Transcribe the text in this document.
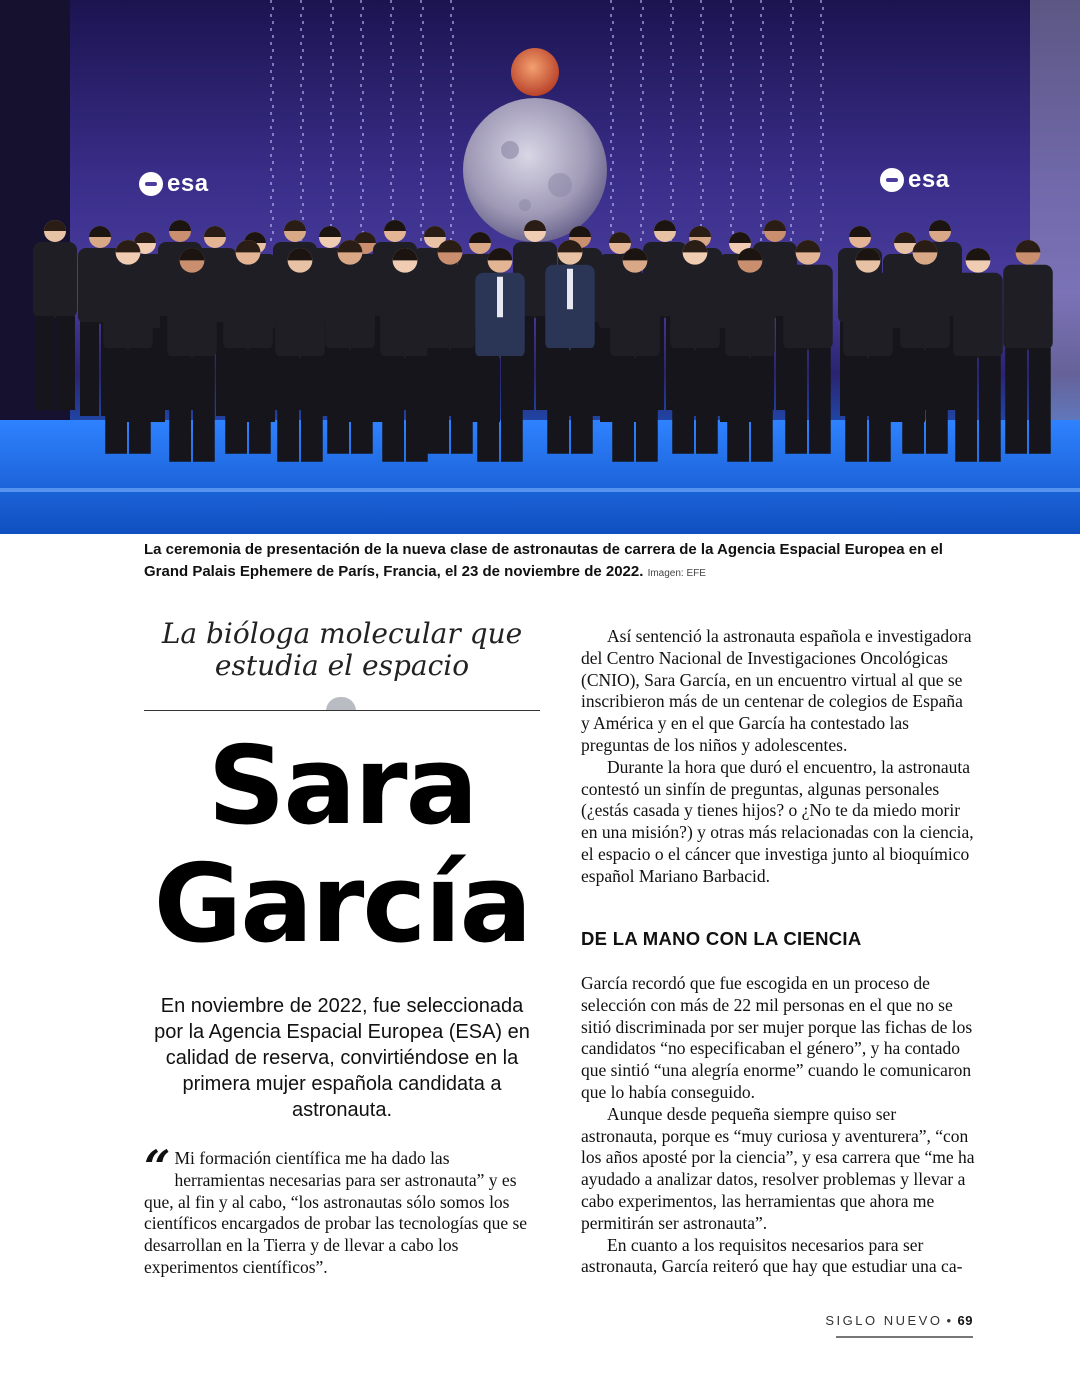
esa	esa
La ceremonia de presentación de la nueva clase de astronautas de carrera de la Agencia Espacial Europea en el Grand Palais Ephemere de París, Francia, el 23 de noviembre de 2022. Imagen: EFE
La bióloga molecular que estudia el espacio
Sara
García
En noviembre de 2022, fue seleccionada por la Agencia Espacial Europea (ESA) en calidad de reserva, convirtiéndose en la primera mujer española candidata a astronauta.
“ Mi formación científica me ha dado las herramientas necesarias para ser astronauta” y es que, al fin y al cabo, “los astronautas sólo somos los científicos encargados de probar las tecnologías que se desarrollan en la Tierra y de llevar a cabo los experimentos científicos”.

Así sentenció la astronauta española e investigadora del Centro Nacional de Investigaciones Oncológicas (CNIO), Sara García, en un encuentro virtual al que se inscribieron más de un centenar de colegios de España y América y en el que García ha contestado las preguntas de los niños y adolescentes.

Durante la hora que duró el encuentro, la astronauta contestó un sinfín de preguntas, algunas personales (¿estás casada y tienes hijos? o ¿No te da miedo morir en una misión?) y otras más relacionadas con la ciencia, el espacio o el cáncer que investiga junto al bioquímico español Mariano Barbacid.

DE LA MANO CON LA CIENCIA

García recordó que fue escogida en un proceso de selección con más de 22 mil personas en el que no se sitió discriminada por ser mujer porque las fichas de los candidatos “no especificaban el género”, y ha contado que sintió “una alegría enorme” cuando le comunicaron que lo había conseguido.

Aunque desde pequeña siempre quiso ser astronauta, porque es “muy curiosa y aventurera”, “con los años aposté por la ciencia”, y esa carrera que “me ha ayudado a analizar datos, resolver problemas y llevar a cabo experimentos, las herramientas que ahora me permitirán ser astronauta”.

En cuanto a los requisitos necesarios para ser astronauta, García reiteró que hay que estudiar una ca-

SIGLO NUEVO • 69
